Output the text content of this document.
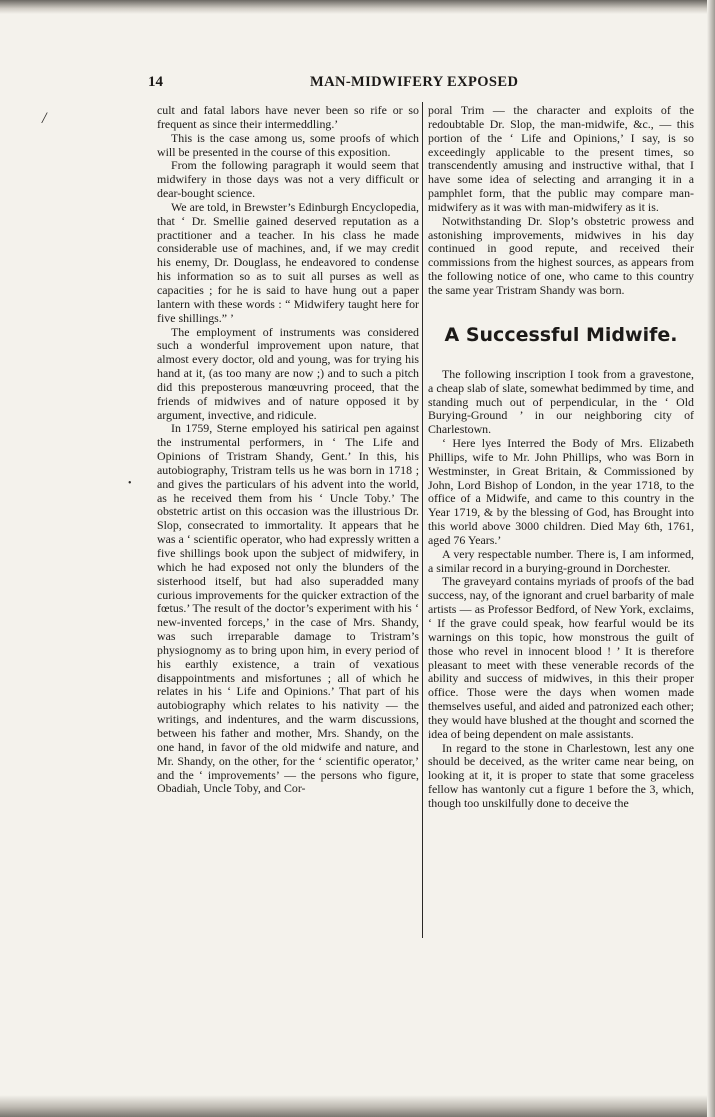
/
•
14	MAN-MIDWIFERY EXPOSED

cult and fatal labors have never been so rife or so frequent as since their intermeddling.’

This is the case among us, some proofs of which will be presented in the course of this exposition.

From the following paragraph it would seem that midwifery in those days was not a very difficult or dear-bought science.

We are told, in Brewster’s Edinburgh Encyclopedia, that ‘ Dr. Smellie gained deserved reputation as a practitioner and a teacher. In his class he made considerable use of machines, and, if we may credit his enemy, Dr. Douglass, he endeavored to condense his information so as to suit all purses as well as capacities ; for he is said to have hung out a paper lantern with these words : “ Midwifery taught here for five shillings.” ’

The employment of instruments was considered such a wonderful improvement upon nature, that almost every doctor, old and young, was for trying his hand at it, (as too many are now ;) and to such a pitch did this preposterous manœuvring proceed, that the friends of midwives and of nature opposed it by argument, invective, and ridicule.

In 1759, Sterne employed his satirical pen against the instrumental performers, in ‘ The Life and Opinions of Tristram Shandy, Gent.’ In this, his autobiography, Tristram tells us he was born in 1718 ; and gives the particulars of his advent into the world, as he received them from his ‘ Uncle Toby.’ The obstetric artist on this occasion was the illustrious Dr. Slop, consecrated to immortality. It appears that he was a ‘ scientific operator, who had expressly written a five shillings book upon the subject of midwifery, in which he had exposed not only the blunders of the sisterhood itself, but had also superadded many curious improvements for the quicker extraction of the fœtus.’ The result of the doctor’s experiment with his ‘ new-invented forceps,’ in the case of Mrs. Shandy, was such irreparable damage to Tristram’s physiognomy as to bring upon him, in every period of his earthly existence, a train of vexatious disappointments and misfortunes ; all of which he relates in his ‘ Life and Opinions.’ That part of his autobiography which relates to his nativity — the writings, and indentures, and the warm discussions, between his father and mother, Mrs. Shandy, on the one hand, in favor of the old midwife and nature, and Mr. Shandy, on the other, for the ‘ scientific operator,’ and the ‘ improvements’ — the persons who figure, Obadiah, Uncle Toby, and Cor-

poral Trim — the character and exploits of the redoubtable Dr. Slop, the man-midwife, &c., — this portion of the ‘ Life and Opinions,’ I say, is so exceedingly applicable to the present times, so transcendently amusing and instructive withal, that I have some idea of selecting and arranging it in a pamphlet form, that the public may compare man-midwifery as it was with man-midwifery as it is.

Notwithstanding Dr. Slop’s obstetric prowess and astonishing improvements, midwives in his day continued in good repute, and received their commissions from the highest sources, as appears from the following notice of one, who came to this country the same year Tristram Shandy was born.

A Successful Midwife.

The following inscription I took from a gravestone, a cheap slab of slate, somewhat bedimmed by time, and standing much out of perpendicular, in the ‘ Old Burying-Ground ’ in our neighboring city of Charlestown.

‘ Here lyes Interred the Body of Mrs. Elizabeth Phillips, wife to Mr. John Phillips, who was Born in Westminster, in Great Britain, & Commissioned by John, Lord Bishop of London, in the year 1718, to the office of a Midwife, and came to this country in the Year 1719, & by the blessing of God, has Brought into this world above 3000 children. Died May 6th, 1761, aged 76 Years.’

A very respectable number. There is, I am informed, a similar record in a burying-ground in Dorchester.

The graveyard contains myriads of proofs of the bad success, nay, of the ignorant and cruel barbarity of male artists — as Professor Bedford, of New York, exclaims, ‘ If the grave could speak, how fearful would be its warnings on this topic, how monstrous the guilt of those who revel in innocent blood ! ’ It is therefore pleasant to meet with these venerable records of the ability and success of midwives, in this their proper office. Those were the days when women made themselves useful, and aided and patronized each other; they would have blushed at the thought and scorned the idea of being dependent on male assistants.

In regard to the stone in Charlestown, lest any one should be deceived, as the writer came near being, on looking at it, it is proper to state that some graceless fellow has wantonly cut a figure 1 before the 3, which, though too unskilfully done to deceive the
